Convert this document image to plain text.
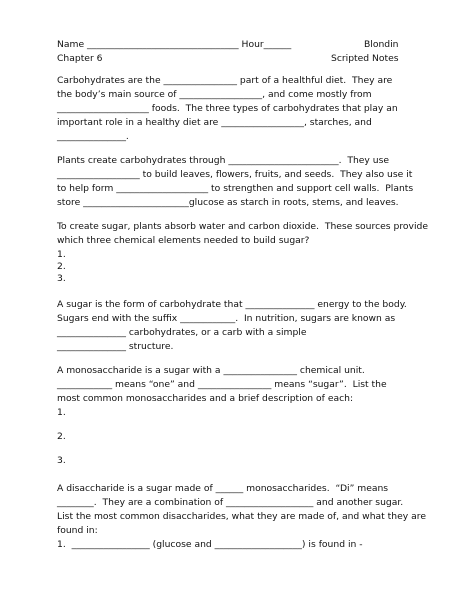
Name _________________________________ Hour______	Blondin

Chapter 6	Scripted Notes

Carbohydrates are the ________________ part of a healthful diet.  They are

the body’s main source of __________________, and come mostly from

____________________ foods.  The three types of carbohydrates that play an

important role in a healthy diet are __________________, starches, and

_______________.

Plants create carbohydrates through ________________________.  They use

__________________ to build leaves, flowers, fruits, and seeds.  They also use it

to help form ____________________ to strengthen and support cell walls.  Plants

store _______________________glucose as starch in roots, stems, and leaves.

To create sugar, plants absorb water and carbon dioxide.  These sources provide

which three chemical elements needed to build sugar?

1.

2.

3.

A sugar is the form of carbohydrate that _______________ energy to the body.

Sugars end with the suffix ____________.  In nutrition, sugars are known as

_______________ carbohydrates, or a carb with a simple

_______________ structure.

A monosaccharide is a sugar with a ________________ chemical unit.

____________ means “one” and ________________ means “sugar”.  List the

most common monosaccharides and a brief description of each:

1.

2.

3.

A disaccharide is a sugar made of ______ monosaccharides.  “Di” means

________.  They are a combination of ___________________ and another sugar.

List the most common disaccharides, what they are made of, and what they are

found in:

1.  _________________ (glucose and ___________________) is found in -
